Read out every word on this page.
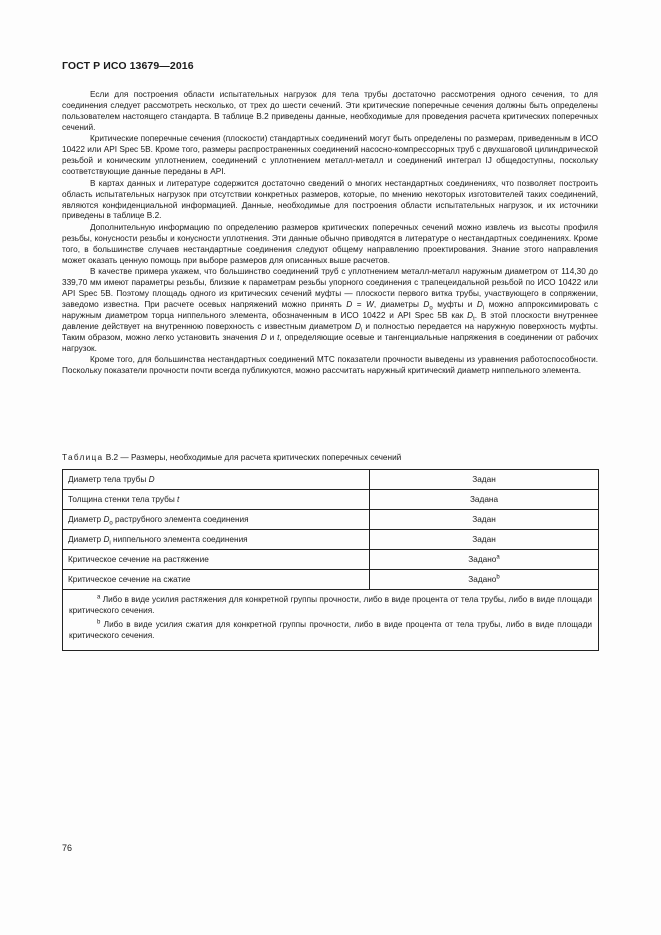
ГОСТ Р ИСО 13679—2016

Если для построения области испытательных нагрузок для тела трубы достаточно рассмотрения одного сечения, то для соединения следует рассмотреть несколько, от трех до шести сечений. Эти критические поперечные сечения должны быть определены пользователем настоящего стандарта. В таблице В.2 приведены данные, необходимые для проведения расчета критических поперечных сечений.

Критические поперечные сечения (плоскости) стандартных соединений могут быть определены по размерам, приведенным в ИСО 10422 или API Spec 5B. Кроме того, размеры распространенных соединений насосно-компрессорных труб с двухшаговой цилиндрической резьбой и коническим уплотнением, соединений с уплотнением металл-металл и соединений интеграл IJ общедоступны, поскольку соответствующие данные переданы в API.

В картах данных и литературе содержится достаточно сведений о многих нестандартных соединениях, что позволяет построить область испытательных нагрузок при отсутствии конкретных размеров, которые, по мнению некоторых изготовителей таких соединений, являются конфиденциальной информацией. Данные, необходимые для построения области испытательных нагрузок, и их источники приведены в таблице В.2.

Дополнительную информацию по определению размеров критических поперечных сечений можно извлечь из высоты профиля резьбы, конусности резьбы и конусности уплотнения. Эти данные обычно приводятся в литературе о нестандартных соединениях. Кроме того, в большинстве случаев нестандартные соединения следуют общему направлению проектирования. Знание этого направления может оказать ценную помощь при выборе размеров для описанных выше расчетов.

В качестве примера укажем, что большинство соединений труб с уплотнением металл-металл наружным диаметром от 114,30 до 339,70 мм имеют параметры резьбы, близкие к параметрам резьбы упорного соединения с трапецеидальной резьбой по ИСО 10422 или API Spec 5B. Поэтому площадь одного из критических сечений муфты — плоскости первого витка трубы, участвующего в сопряжении, заведомо известна. При расчете осевых напряжений можно принять D = W, диаметры $D_o$ муфты и $D_i$ можно аппроксимировать с наружным диаметром торца ниппельного элемента, обозначенным в ИСО 10422 и API Spec 5B как $D_t$. В этой плоскости внутреннее давление действует на внутреннюю поверхность с известным диаметром $D_i$ и полностью передается на наружную поверхность муфты. Таким образом, можно легко установить значения D и t, определяющие осевые и тангенциальные напряжения в соединении от рабочих нагрузок.

Кроме того, для большинства нестандартных соединений МТС показатели прочности выведены из уравнения работоспособности. Поскольку показатели прочности почти всегда публикуются, можно рассчитать наружный критический диаметр ниппельного элемента.

Таблица В.2 — Размеры, необходимые для расчета критических поперечных сечений
Диаметр тела трубы D	Задан
Толщина стенки тела трубы t	Задана
Диаметр $D_o$ раструбного элемента соединения	Задан
Диаметр $D_i$ ниппельного элемента соединения	Задан
Критическое сечение на растяжение	Задано$^a$
Критическое сечение на сжатие	Задано$^b$

$^a$ Либо в виде усилия растяжения для конкретной группы прочности, либо в виде процента от тела трубы, либо в виде площади критического сечения.

$^b$ Либо в виде усилия сжатия для конкретной группы прочности, либо в виде процента от тела трубы, либо в виде площади критического сечения.	

76
